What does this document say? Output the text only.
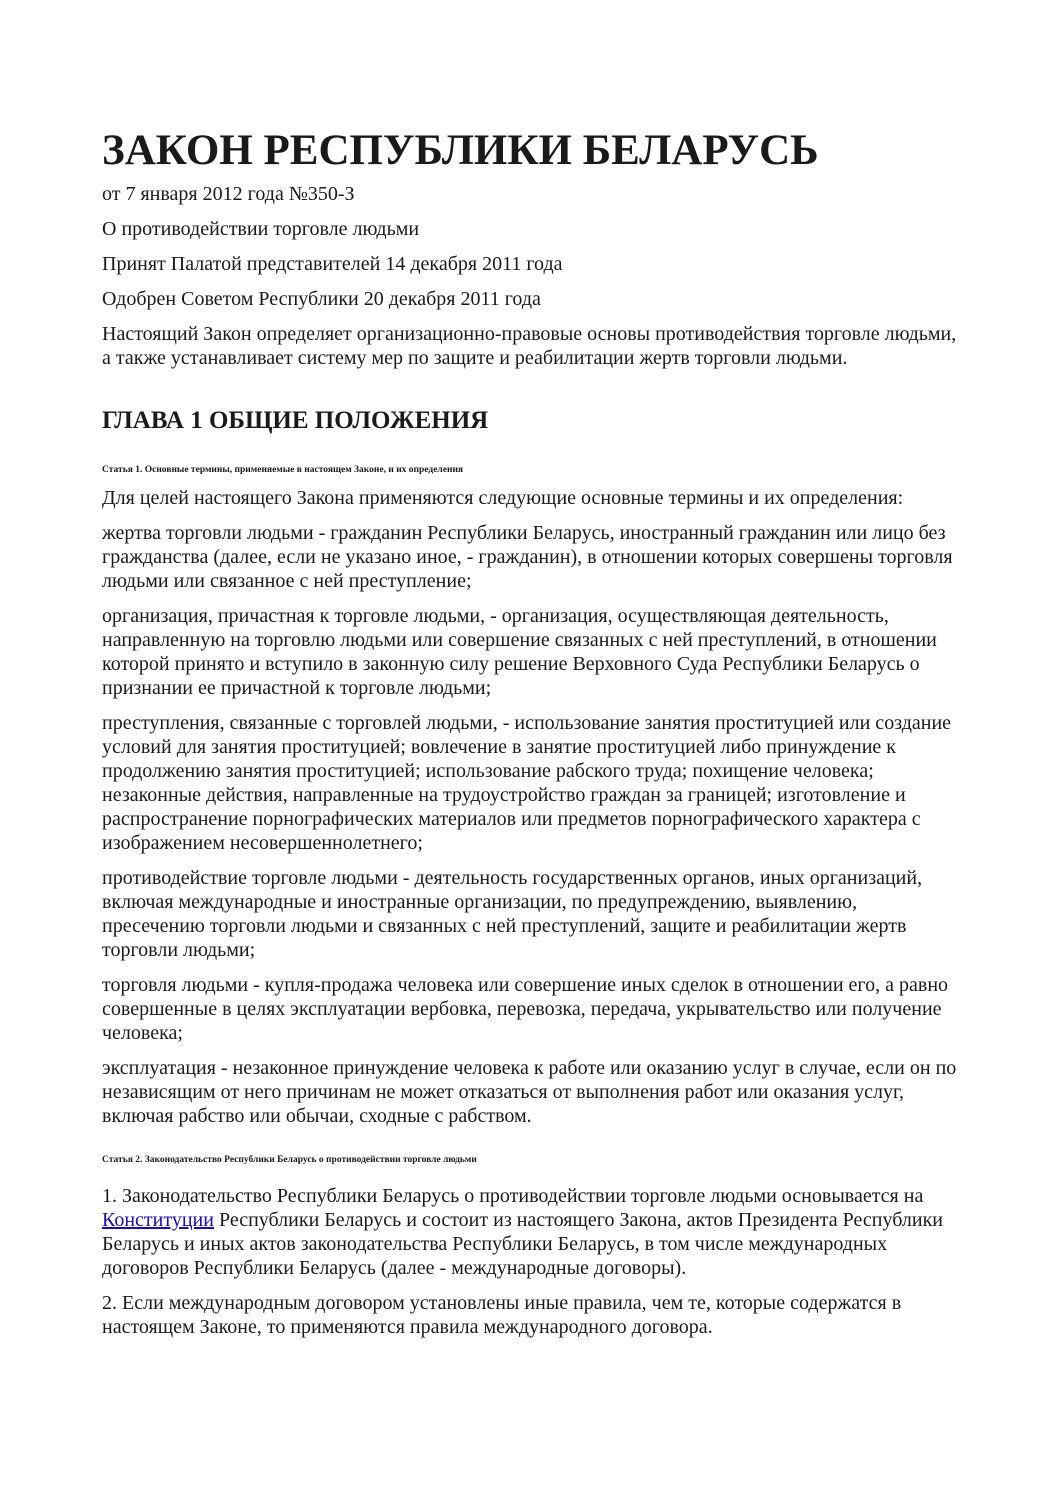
ЗАКОН РЕСПУБЛИКИ БЕЛАРУСЬ

от 7 января 2012 года №350-З

О противодействии торговле людьми

Принят Палатой представителей 14 декабря 2011 года

Одобрен Советом Республики 20 декабря 2011 года

Настоящий Закон определяет организационно-правовые основы противодействия торговле людьми, а также устанавливает систему мер по защите и реабилитации жертв торговли людьми.

ГЛАВА 1 ОБЩИЕ ПОЛОЖЕНИЯ

Статья 1. Основные термины, применяемые в настоящем Законе, и их определения

Для целей настоящего Закона применяются следующие основные термины и их определения:

жертва торговли людьми - гражданин Республики Беларусь, иностранный гражданин или лицо без гражданства (далее, если не указано иное, - гражданин), в отношении которых совершены торговля людьми или связанное с ней преступление;

организация, причастная к торговле людьми, - организация, осуществляющая деятельность, направленную на торговлю людьми или совершение связанных с ней преступлений, в отношении которой принято и вступило в законную силу решение Верховного Суда Республики Беларусь о признании ее причастной к торговле людьми;

преступления, связанные с торговлей людьми, - использование занятия проституцией или создание условий для занятия проституцией; вовлечение в занятие проституцией либо принуждение к продолжению занятия проституцией; использование рабского труда; похищение человека; незаконные действия, направленные на трудоустройство граждан за границей; изготовление и распространение порнографических материалов или предметов порнографического характера с изображением несовершеннолетнего;

противодействие торговле людьми - деятельность государственных органов, иных организаций, включая международные и иностранные организации, по предупреждению, выявлению, пресечению торговли людьми и связанных с ней преступлений, защите и реабилитации жертв торговли людьми;

торговля людьми - купля-продажа человека или совершение иных сделок в отношении его, а равно совершенные в целях эксплуатации вербовка, перевозка, передача, укрывательство или получение человека;

эксплуатация - незаконное принуждение человека к работе или оказанию услуг в случае, если он по независящим от него причинам не может отказаться от выполнения работ или оказания услуг, включая рабство или обычаи, сходные с рабством.

Статья 2. Законодательство Республики Беларусь о противодействии торговле людьми

1. Законодательство Республики Беларусь о противодействии торговле людьми основывается на Конституции Республики Беларусь и состоит из настоящего Закона, актов Президента Республики Беларусь и иных актов законодательства Республики Беларусь, в том числе международных договоров Республики Беларусь (далее - международные договоры).

2. Если международным договором установлены иные правила, чем те, которые содержатся в настоящем Законе, то применяются правила международного договора.
